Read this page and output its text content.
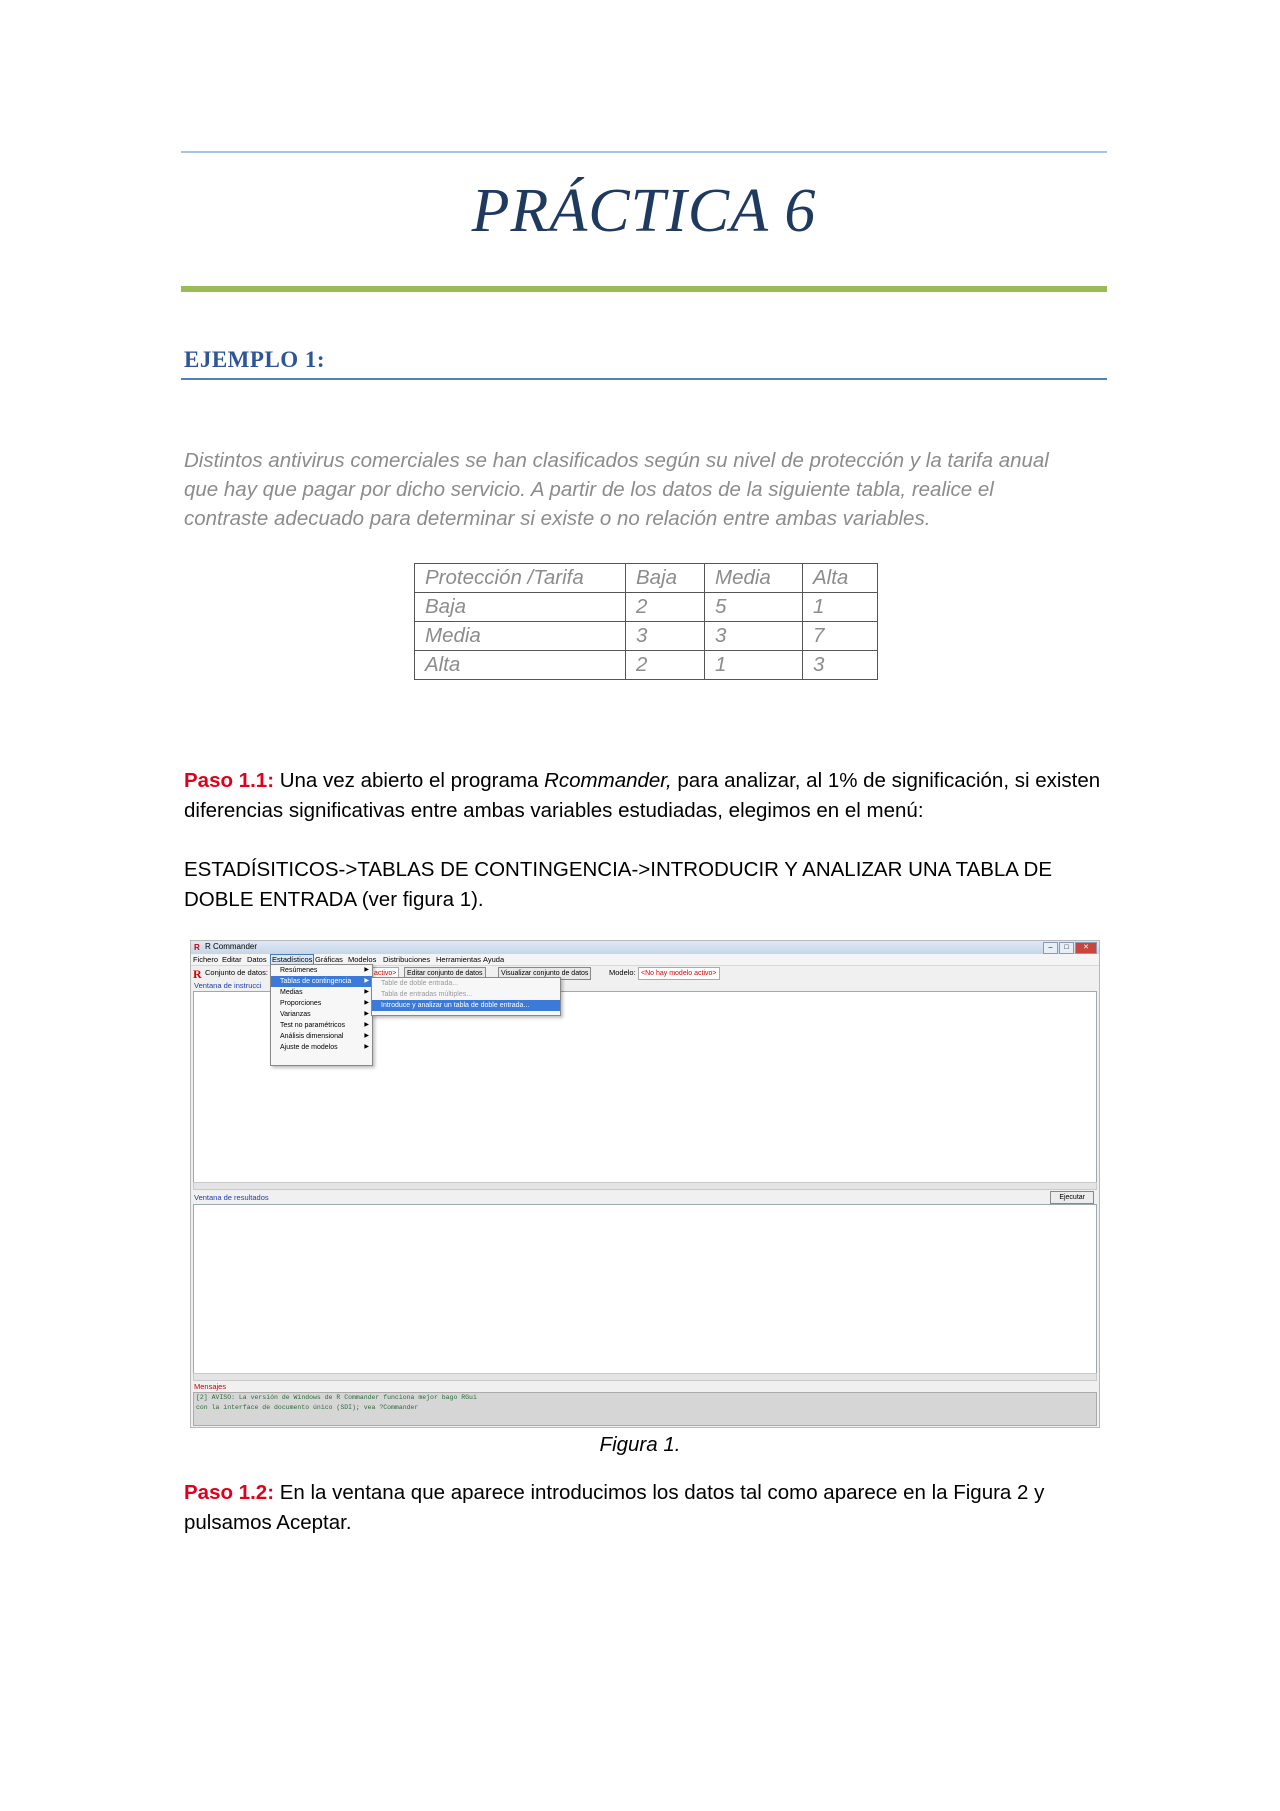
PRÁCTICA 6
EJEMPLO 1:
Distintos antivirus comerciales se han clasificados según su nivel de protección y la tarifa anual
que hay que pagar por dicho servicio. A partir de los datos de la siguiente tabla, realice el
contraste adecuado para determinar si existe o no relación entre ambas variables.
Protección /Tarifa	Baja	Media	Alta
Baja	2	5	1
Media	3	3	7
Alta	2	1	3
Paso 1.1: Una vez abierto el programa Rcommander, para analizar, al 1% de significación, si existen diferencias significativas entre ambas variables estudiadas, elegimos en el menú:
ESTADÍSITICOS->TABLAS DE CONTINGENCIA->INTRODUCIR Y ANALIZAR UNA TABLA DE DOBLE ENTRADA (ver figura 1).
R R Commander	–	□	✕
Fichero Editar Datos Estadísticos Gráficas Modelos Distribuciones Herramientas Ayuda
R Conjunto de datos:	activo>	Editar conjunto de datos	Visualizar conjunto de datos	Modelo: <No hay modelo activo>
Ventana de instrucci
Ventana de resultados	Ejecutar
Mensajes
[2] AVISO: La versión de Windows de R Commander funciona mejor bago RGui
con la interface de documento único (SDI); vea ?Commander
Resúmenes	▶
Tablas de contingencia ▶
Medias	▶
Proporciones	▶
Varianzas	▶
Test no paramétricos	▶
Análisis dimensional	▶
Ajuste de modelos	▶
Table de doble entrada...
Tabla de entradas múltiples...
Introduce y analizar un tabla de doble entrada...
Figura 1.
Paso 1.2: En la ventana que aparece introducimos los datos tal como aparece en la Figura 2 y pulsamos Aceptar.
